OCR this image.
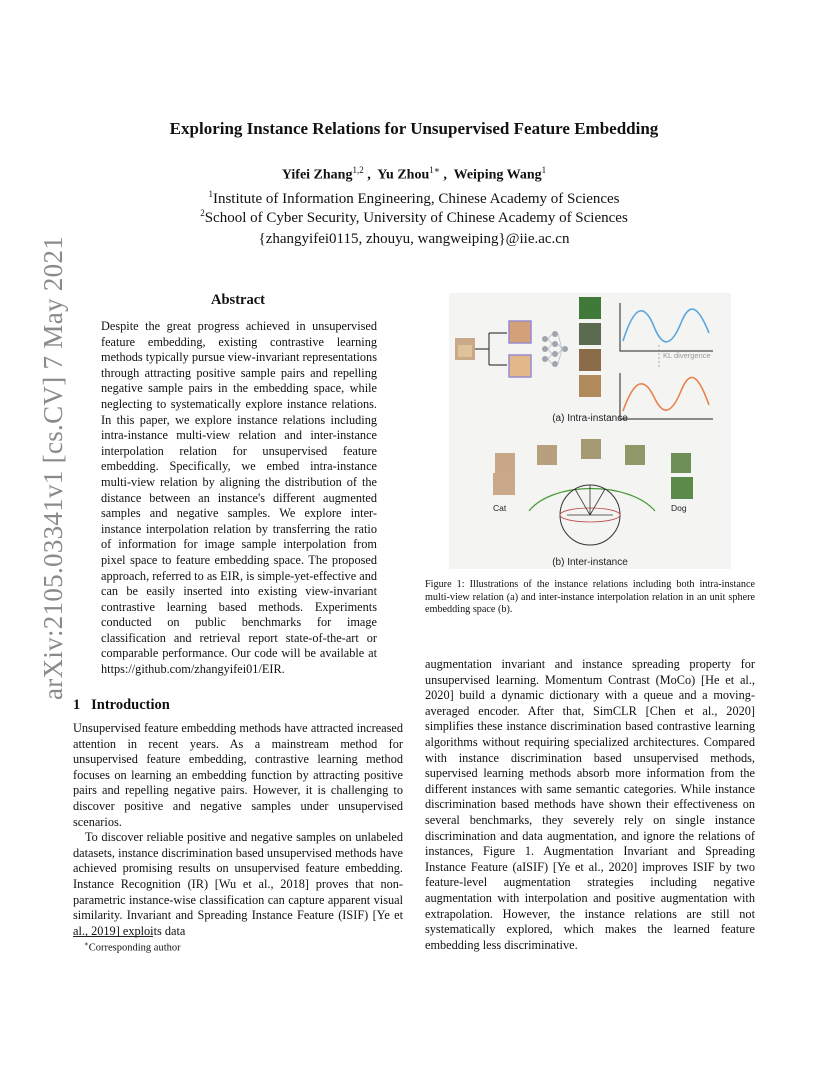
arXiv:2105.03341v1 [cs.CV] 7 May 2021
Exploring Instance Relations for Unsupervised Feature Embedding
Yifei Zhang$^{1,2}$ ,  Yu Zhou$^{1∗}$ ,  Weiping Wang$^1$
$^1$Institute of Information Engineering, Chinese Academy of Sciences
$^2$School of Cyber Security, University of Chinese Academy of Sciences
{zhangyifei0115, zhouyu, wangweiping}@iie.ac.cn
Abstract
Despite the great progress achieved in unsupervised feature embedding, existing contrastive learning methods typically pursue view-invariant representations through attracting positive sample pairs and repelling negative sample pairs in the embedding space, while neglecting to systematically explore instance relations. In this paper, we explore instance relations including intra-instance multi-view relation and inter-instance interpolation relation for unsupervised feature embedding. Specifically, we embed intra-instance multi-view relation by aligning the distribution of the distance between an instance's different augmented samples and negative samples. We explore inter-instance interpolation relation by transferring the ratio of information for image sample interpolation from pixel space to feature embedding space. The proposed approach, referred to as EIR, is simple-yet-effective and can be easily inserted into existing view-invariant contrastive learning based methods. Experiments conducted on public benchmarks for image classification and retrieval report state-of-the-art or comparable performance. Our code will be available at https://github.com/zhangyifei01/EIR.
1 Introduction

Unsupervised feature embedding methods have attracted increased attention in recent years. As a mainstream method for unsupervised feature embedding, contrastive learning method focuses on learning an embedding function by attracting positive pairs and repelling negative pairs. However, it is challenging to discover positive and negative samples under unsupervised scenarios.

To discover reliable positive and negative samples on unlabeled datasets, instance discrimination based unsupervised methods have achieved promising results on unsupervised feature embedding. Instance Recognition (IR) [Wu et al., 2018] proves that non-parametric instance-wise classification can capture apparent visual similarity. Invariant and Spreading Instance Feature (ISIF) [Ye et al., 2019] exploits data

∗Corresponding author
KL divergence
(a) Intra-instance
Cat	Dog
(b) Inter-instance
Figure 1: Illustrations of the instance relations including both intra-instance multi-view relation (a) and inter-instance interpolation relation in an unit sphere embedding space (b).

augmentation invariant and instance spreading property for unsupervised learning. Momentum Contrast (MoCo) [He et al., 2020] build a dynamic dictionary with a queue and a moving-averaged encoder. After that, SimCLR [Chen et al., 2020] simplifies these instance discrimination based contrastive learning algorithms without requiring specialized architectures. Compared with instance discrimination based unsupervised methods, supervised learning methods absorb more information from the different instances with same semantic categories. While instance discrimination based methods have shown their effectiveness on several benchmarks, they severely rely on single instance discrimination and data augmentation, and ignore the relations of instances, Figure 1. Augmentation Invariant and Spreading Instance Feature (aISIF) [Ye et al., 2020] improves ISIF by two feature-level augmentation strategies including negative augmentation with interpolation and positive augmentation with extrapolation. However, the instance relations are still not systematically explored, which makes the learned feature embedding less discriminative.
